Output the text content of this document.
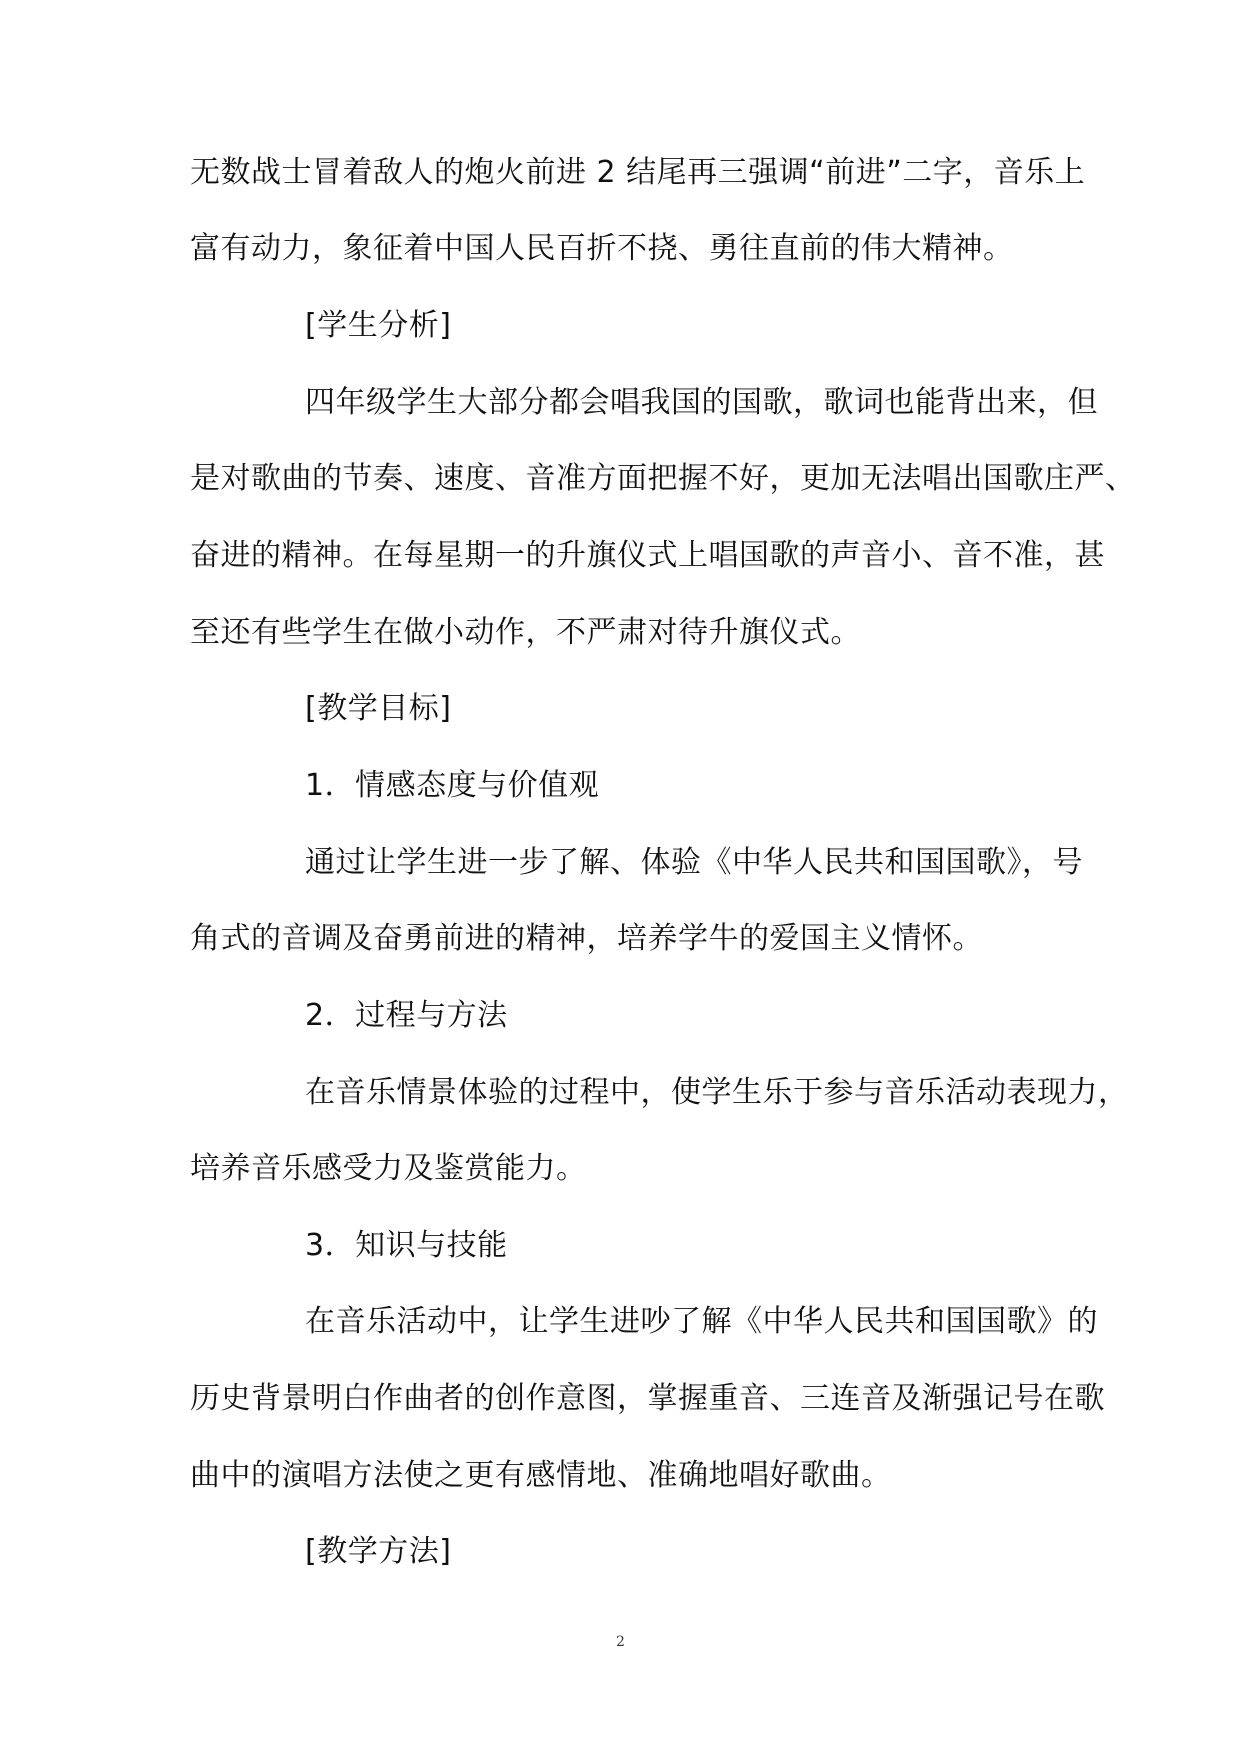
无数战士冒着敌人的炮火前进 2 结尾再三强调“前进”二字，音乐上
富有动力，象征着中国人民百折不挠、勇往直前的伟大精神。
[学生分析]
四年级学生大部分都会唱我国的国歌，歌词也能背出来，但
是对歌曲的节奏、速度、音准方面把握不好，更加无法唱出国歌庄严、
奋进的精神。在每星期一的升旗仪式上唱国歌的声音小、音不准，甚
至还有些学生在做小动作，不严肃对待升旗仪式。
[教学目标]
1．情感态度与价值观
通过让学生进一步了解、体验《中华人民共和国国歌》，号
角式的音调及奋勇前进的精神，培养学牛的爱国主义情怀。
2．过程与方法
在音乐情景体验的过程中，使学生乐于参与音乐活动表现力，
培养音乐感受力及鉴赏能力。
3．知识与技能
在音乐活动中，让学生进吵了解《中华人民共和国国歌》的
历史背景明白作曲者的创作意图，掌握重音、三连音及渐强记号在歌
曲中的演唱方法使之更有感情地、准确地唱好歌曲。
[教学方法]
2
